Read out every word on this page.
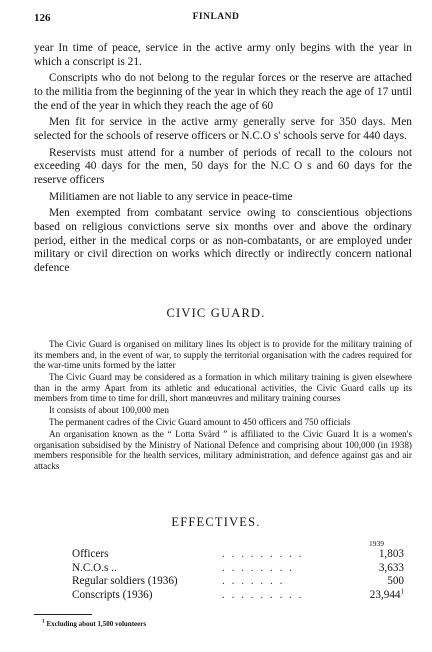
126	FINLAND

year In time of peace, service in the active army only begins with the year in which a conscript is 21.

Conscripts who do not belong to the regular forces or the reserve are attached to the militia from the beginning of the year in which they reach the age of 17 until the end of the year in which they reach the age of 60

Men fit for service in the active army generally serve for 350 days. Men selected for the schools of reserve officers or N.C.O s' schools serve for 440 days.

Reservists must attend for a number of periods of recall to the colours not exceeding 40 days for the men, 50 days for the N.C O s and 60 days for the reserve officers

Militiamen are not liable to any service in peace-time

Men exempted from combatant service owing to conscientious objections based on religious convictions serve six months over and above the ordinary period, either in the medical corps or as non-combatants, or are employed under military or civil direction on works which directly or indirectly concern national defence

CIVIC GUARD.

The Civic Guard is organised on military lines Its object is to provide for the military training of its members and, in the event of war, to supply the territorial organisation with the cadres required for the war-time units formed by the latter

The Civic Guard may be considered as a formation in which military training is given elsewhere than in the army Apart from its athletic and educational activities, the Civic Guard calls up its members from time to time for drill, short manœuvres and military training courses

It consists of about 100,000 men

The permanent cadres of the Civic Guard amount to 450 officers and 750 officials

An organisation known as the “ Lotta Svärd ” is affiliated to the Civic Guard It is a women's organisation subsidised by the Ministry of National Defence and comprising about 100,000 (in 1938) members responsible for the health services, military administration, and defence against gas and air attacks

EFFECTIVES.
1939
Officers	. . . . . . . . .	1,803
N.C.O.s ..	. . . . . . . .	3,633
Regular soldiers (1936)	. . . . . . .	500
Conscripts (1936)	. . . . . . . . .	23,944$^1$
$^1$ Excluding about 1,500 volunteers
